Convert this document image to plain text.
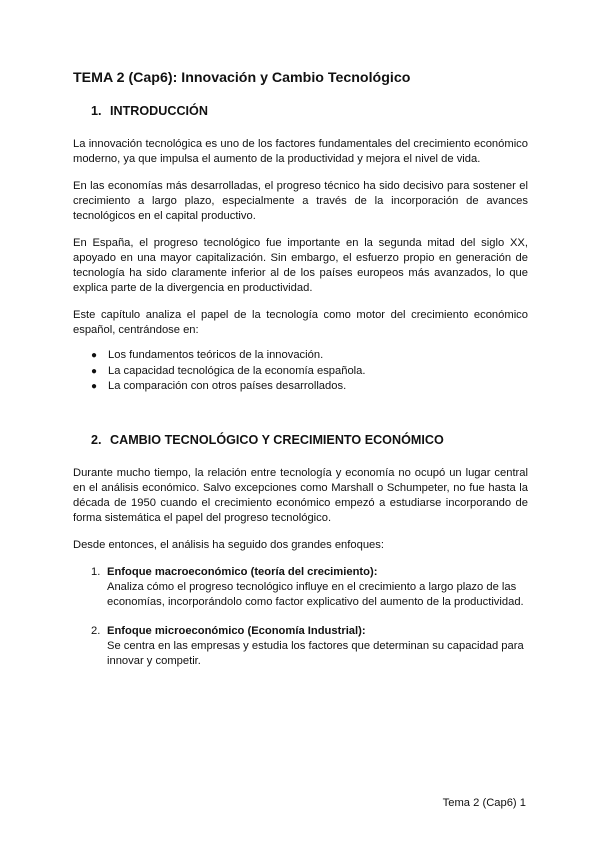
TEMA 2 (Cap6): Innovación y Cambio Tecnológico
1. INTRODUCCIÓN

La innovación tecnológica es uno de los factores fundamentales del crecimiento económico moderno, ya que impulsa el aumento de la productividad y mejora el nivel de vida.

En las economías más desarrolladas, el progreso técnico ha sido decisivo para sostener el crecimiento a largo plazo, especialmente a través de la incorporación de avances tecnológicos en el capital productivo.

En España, el progreso tecnológico fue importante en la segunda mitad del siglo XX, apoyado en una mayor capitalización. Sin embargo, el esfuerzo propio en generación de tecnología ha sido claramente inferior al de los países europeos más avanzados, lo que explica parte de la divergencia en productividad.

Este capítulo analiza el papel de la tecnología como motor del crecimiento económico español, centrándose en:

● Los fundamentos teóricos de la innovación.
● La capacidad tecnológica de la economía española.
● La comparación con otros países desarrollados.
2. CAMBIO TECNOLÓGICO Y CRECIMIENTO ECONÓMICO

Durante mucho tiempo, la relación entre tecnología y economía no ocupó un lugar central en el análisis económico. Salvo excepciones como Marshall o Schumpeter, no fue hasta la década de 1950 cuando el crecimiento económico empezó a estudiarse incorporando de forma sistemática el papel del progreso tecnológico.

Desde entonces, el análisis ha seguido dos grandes enfoques:

1. Enfoque macroeconómico (teoría del crecimiento):
Analiza cómo el progreso tecnológico influye en el crecimiento a largo plazo de las economías, incorporándolo como factor explicativo del aumento de la productividad.
2. Enfoque microeconómico (Economía Industrial):
Se centra en las empresas y estudia los factores que determinan su capacidad para innovar y competir.
Tema 2 (Cap6) 1
